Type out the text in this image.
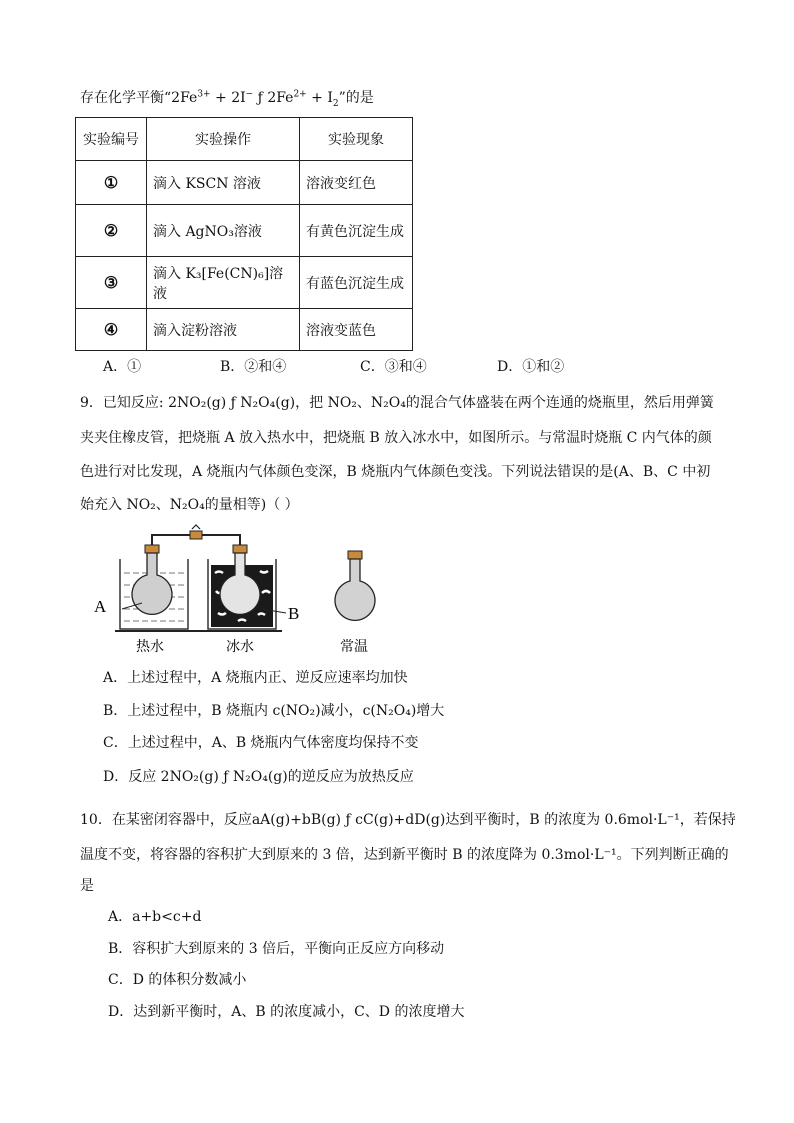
存在化学平衡“$2Fe^{3+} + 2I^-$ ƒ $2Fe^{2+} + I_2$”的是
实验编号	实验操作	实验现象
①	滴入 KSCN 溶液	溶液变红色
②	滴入 AgNO₃溶液	有黄色沉淀生成
③	滴入 K₃[Fe(CN)₆]溶液	有蓝色沉淀生成
④	滴入淀粉溶液	溶液变蓝色
A．①	B．②和④	C．③和④	D．①和②
9．已知反应: 2NO₂(g) ƒ N₂O₄(g)，把 NO₂、N₂O₄的混合气体盛装在两个连通的烧瓶里，然后用弹簧
夹夹住橡皮管，把烧瓶 A 放入热水中，把烧瓶 B 放入冰水中，如图所示。与常温时烧瓶 C 内气体的颜
色进行对比发现，A 烧瓶内气体颜色变深，B 烧瓶内气体颜色变浅。下列说法错误的是(A、B、C 中初
始充入 NO₂、N₂O₄的量相等)（ ）
A	B
热水	冰水	常温
A．上述过程中，A 烧瓶内正、逆反应速率均加快
B．上述过程中，B 烧瓶内 c(NO₂)减小，c(N₂O₄)增大
C．上述过程中，A、B 烧瓶内气体密度均保持不变
D．反应 2NO₂(g) ƒ N₂O₄(g)的逆反应为放热反应
10．在某密闭容器中，反应aA(g)+bB(g) ƒ cC(g)+dD(g)达到平衡时，B 的浓度为 0.6mol·L⁻¹，若保持
温度不变，将容器的容积扩大到原来的 3 倍，达到新平衡时 B 的浓度降为 0.3mol·L⁻¹。下列判断正确的
是
A．a+b<c+d
B．容积扩大到原来的 3 倍后，平衡向正反应方向移动
C．D 的体积分数减小
D．达到新平衡时，A、B 的浓度减小，C、D 的浓度增大
